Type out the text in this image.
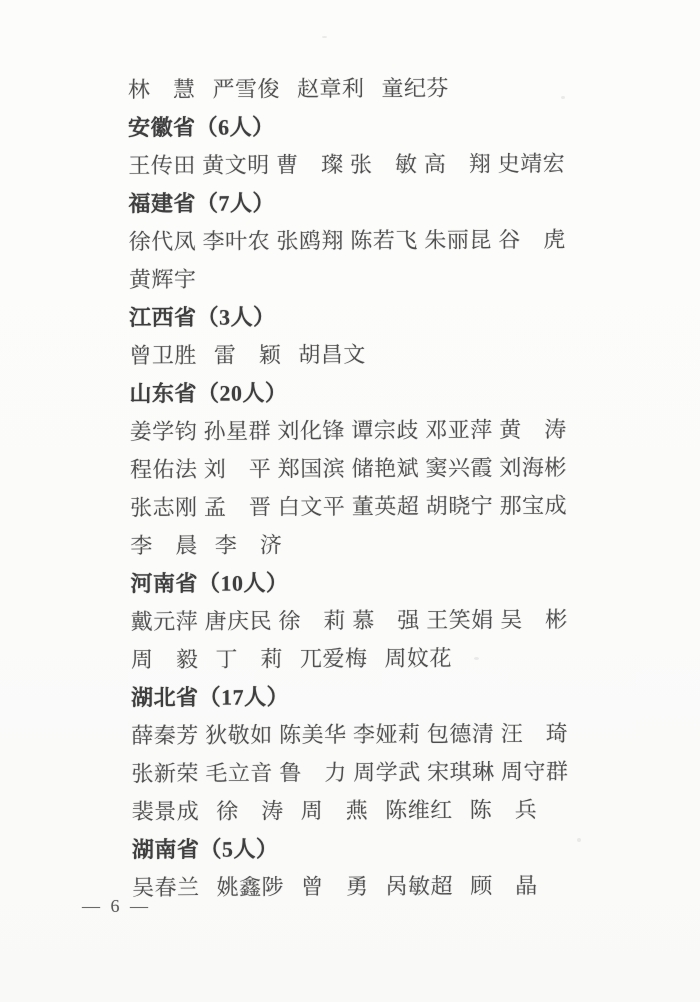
林　慧 严雪俊 赵章利 童纪芬
安徽省（6人）
王传田 黄文明 曹　璨 张　敏 高　翔 史靖宏
福建省（7人）
徐代凤 李叶农 张鸥翔 陈若飞 朱丽昆 谷　虎
黄辉宇
江西省（3人）
曾卫胜 雷　颖 胡昌文
山东省（20人）
姜学钧 孙星群 刘化锋 谭宗歧 邓亚萍 黄　涛
程佑法 刘　平 郑国滨 储艳斌 窦兴霞 刘海彬
张志刚 孟　晋 白文平 董英超 胡晓宁 那宝成
李　晨 李　济
河南省（10人）
戴元萍 唐庆民 徐　莉 慕　强 王笑娟 吴　彬
周　毅 丁　莉 兀爱梅 周妏花
湖北省（17人）
薛秦芳 狄敬如 陈美华 李娅莉 包德清 汪　琦
张新荣 毛立音 鲁　力 周学武 宋琪琳 周守群
裴景成 徐　涛 周　燕 陈维红 陈　兵
湖南省（5人）
吴春兰 姚鑫陟 曾　勇 呙敏超 顾　晶
— 6 —
